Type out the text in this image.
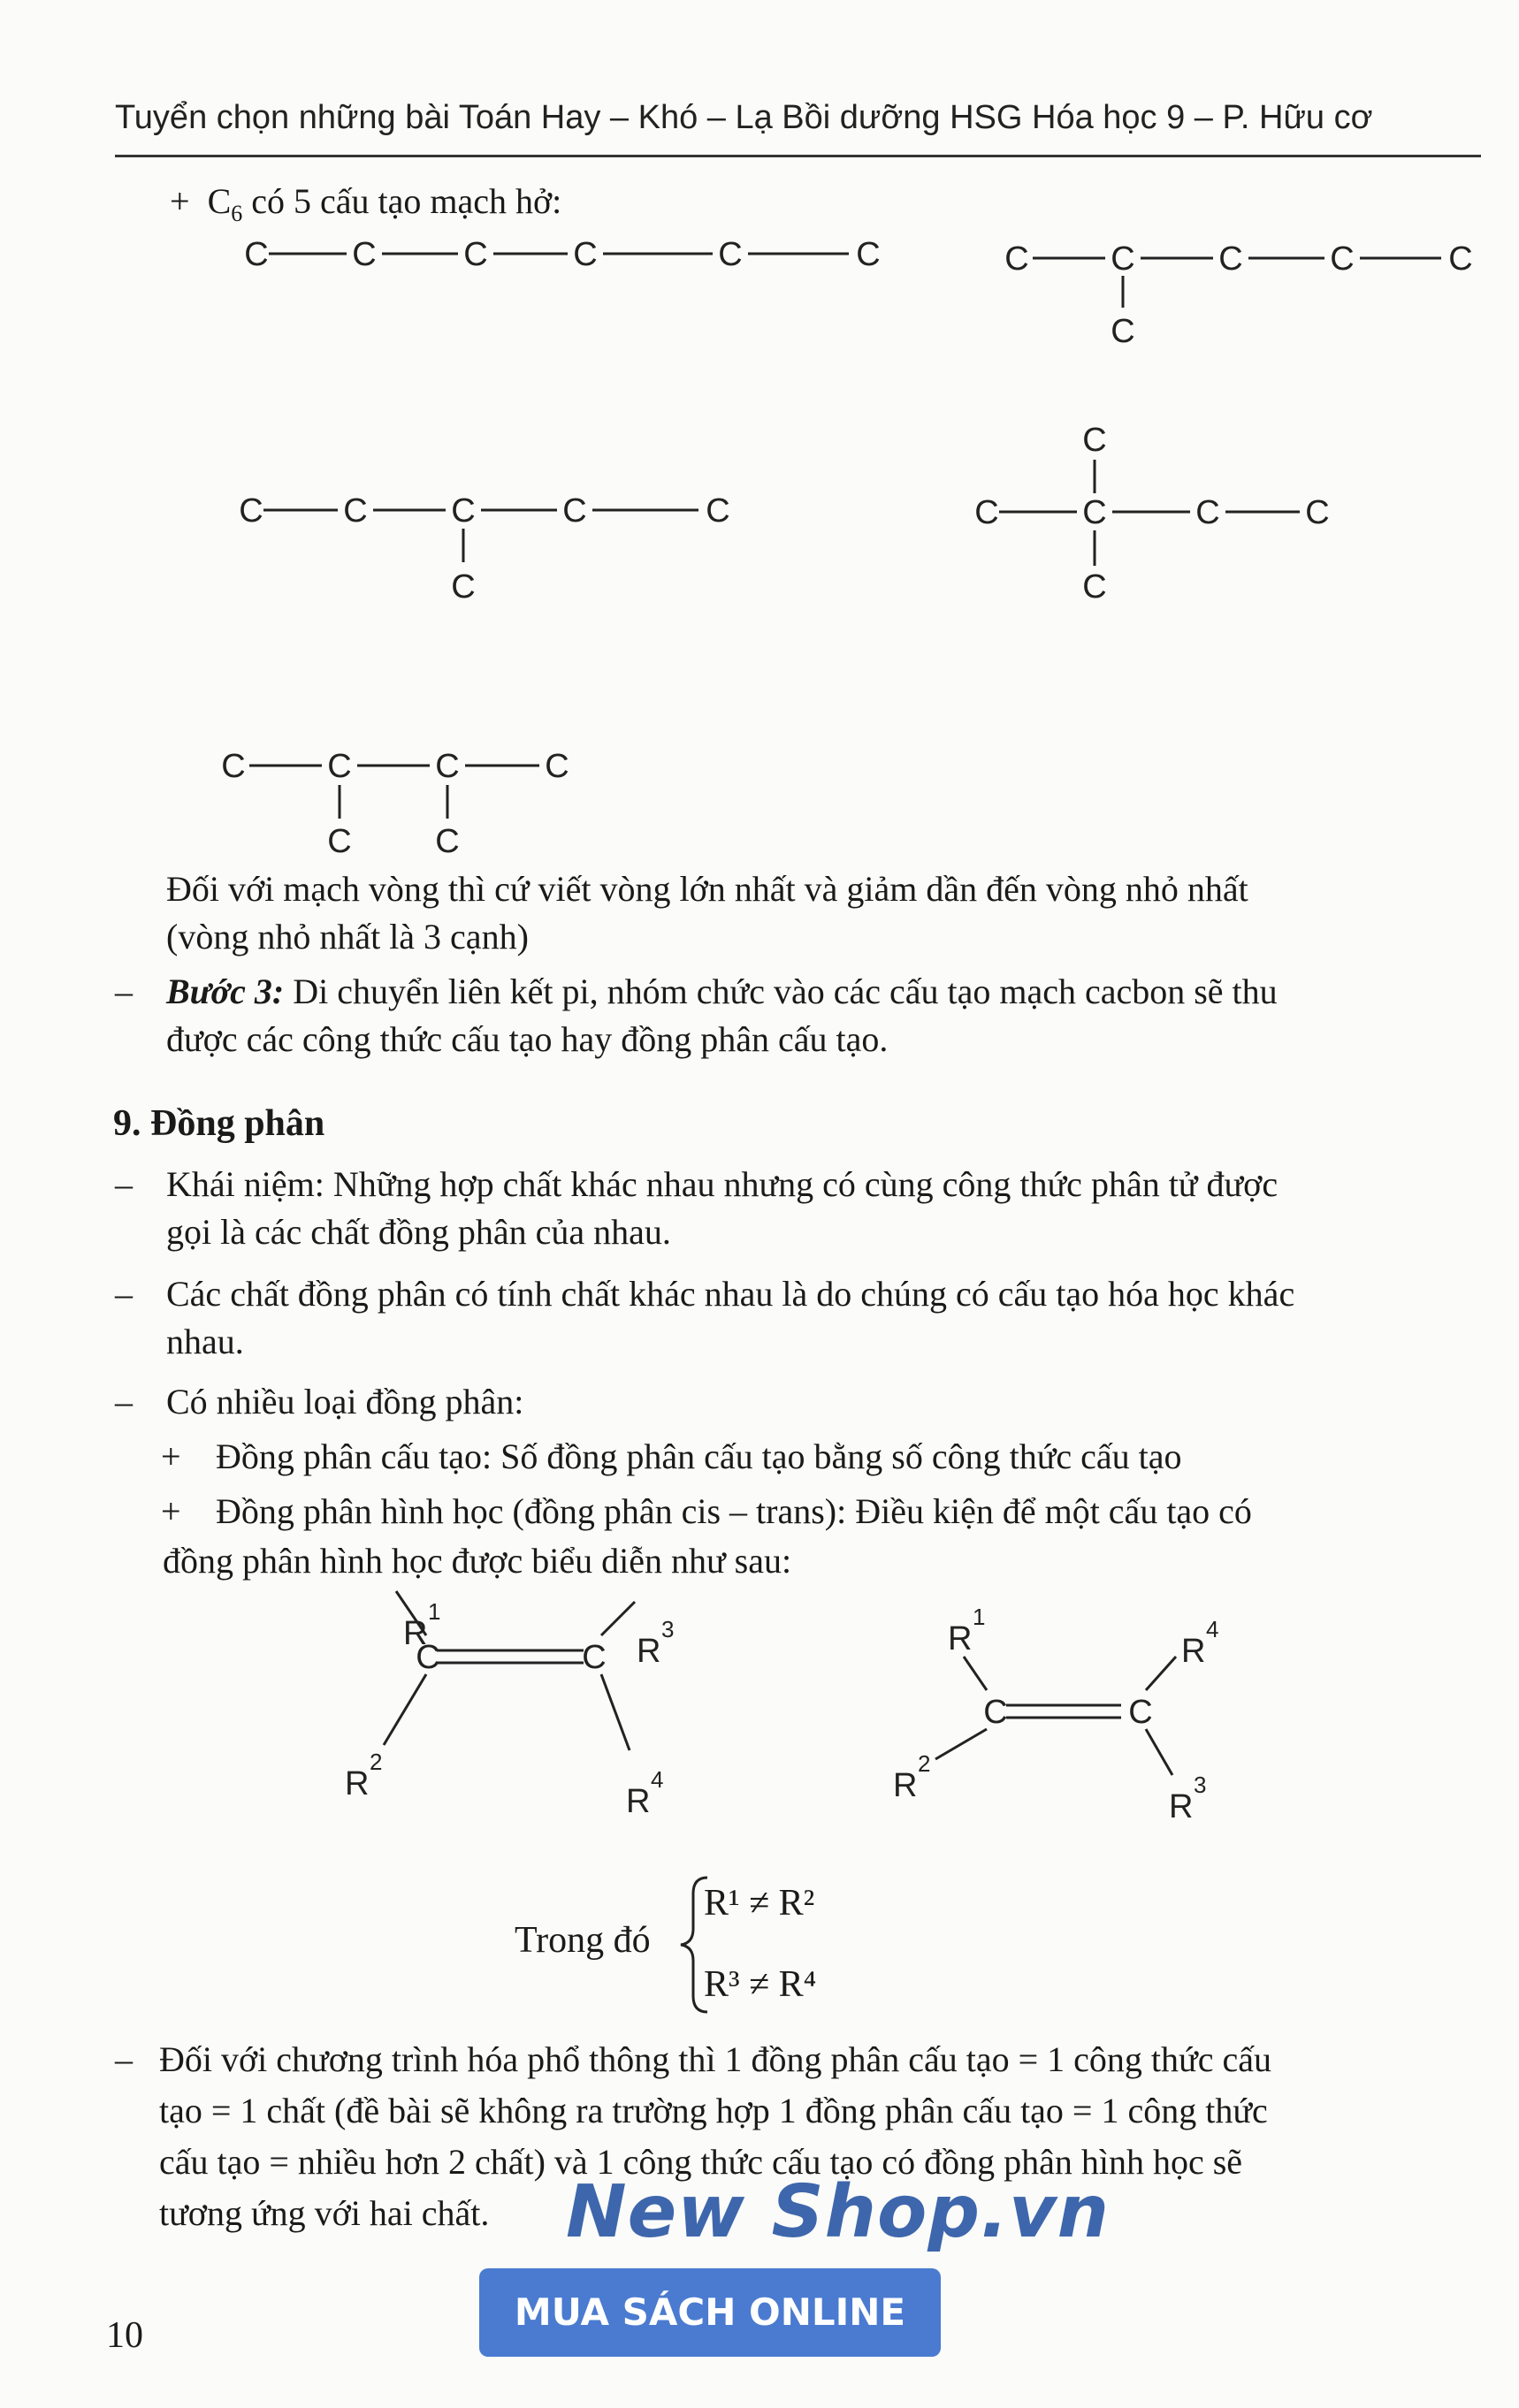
Tuyển chọn những bài Toán Hay – Khó – Lạ Bồi dưỡng HSG Hóa học 9 – P. Hữu cơ
+ $C_6$ có 5 cấu tạo mạch hở:
C C	C	C	C	C	C C C	C	C
C
C C C	C	C
C
C C	C	C
C
C
C C C	C
C C
C	C
C	C
R
1
R
2
R
3
R
4
R
1
R
2
R
4
R
3
Đối với mạch vòng thì cứ viết vòng lớn nhất và giảm dần đến vòng nhỏ nhất
(vòng nhỏ nhất là 3 cạnh)
– Bước 3: Di chuyển liên kết pi, nhóm chức vào các cấu tạo mạch cacbon sẽ thu
được các công thức cấu tạo hay đồng phân cấu tạo.
9. Đồng phân
– Khái niệm: Những hợp chất khác nhau nhưng có cùng công thức phân tử được
gọi là các chất đồng phân của nhau.
– Các chất đồng phân có tính chất khác nhau là do chúng có cấu tạo hóa học khác
nhau.
– Có nhiều loại đồng phân:
+ Đồng phân cấu tạo: Số đồng phân cấu tạo bằng số công thức cấu tạo
+ Đồng phân hình học (đồng phân cis – trans): Điều kiện để một cấu tạo có
đồng phân hình học được biểu diễn như sau:
Trong đó
R¹ ≠ R²
R³ ≠ R⁴
– Đối với chương trình hóa phổ thông thì 1 đồng phân cấu tạo = 1 công thức cấu
tạo = 1 chất (đề bài sẽ không ra trường hợp 1 đồng phân cấu tạo = 1 công thức
cấu tạo = nhiều hơn 2 chất) và 1 công thức cấu tạo có đồng phân hình học sẽ
tương ứng với hai chất. New Shop.vn
MUA SÁCH ONLINE
10
